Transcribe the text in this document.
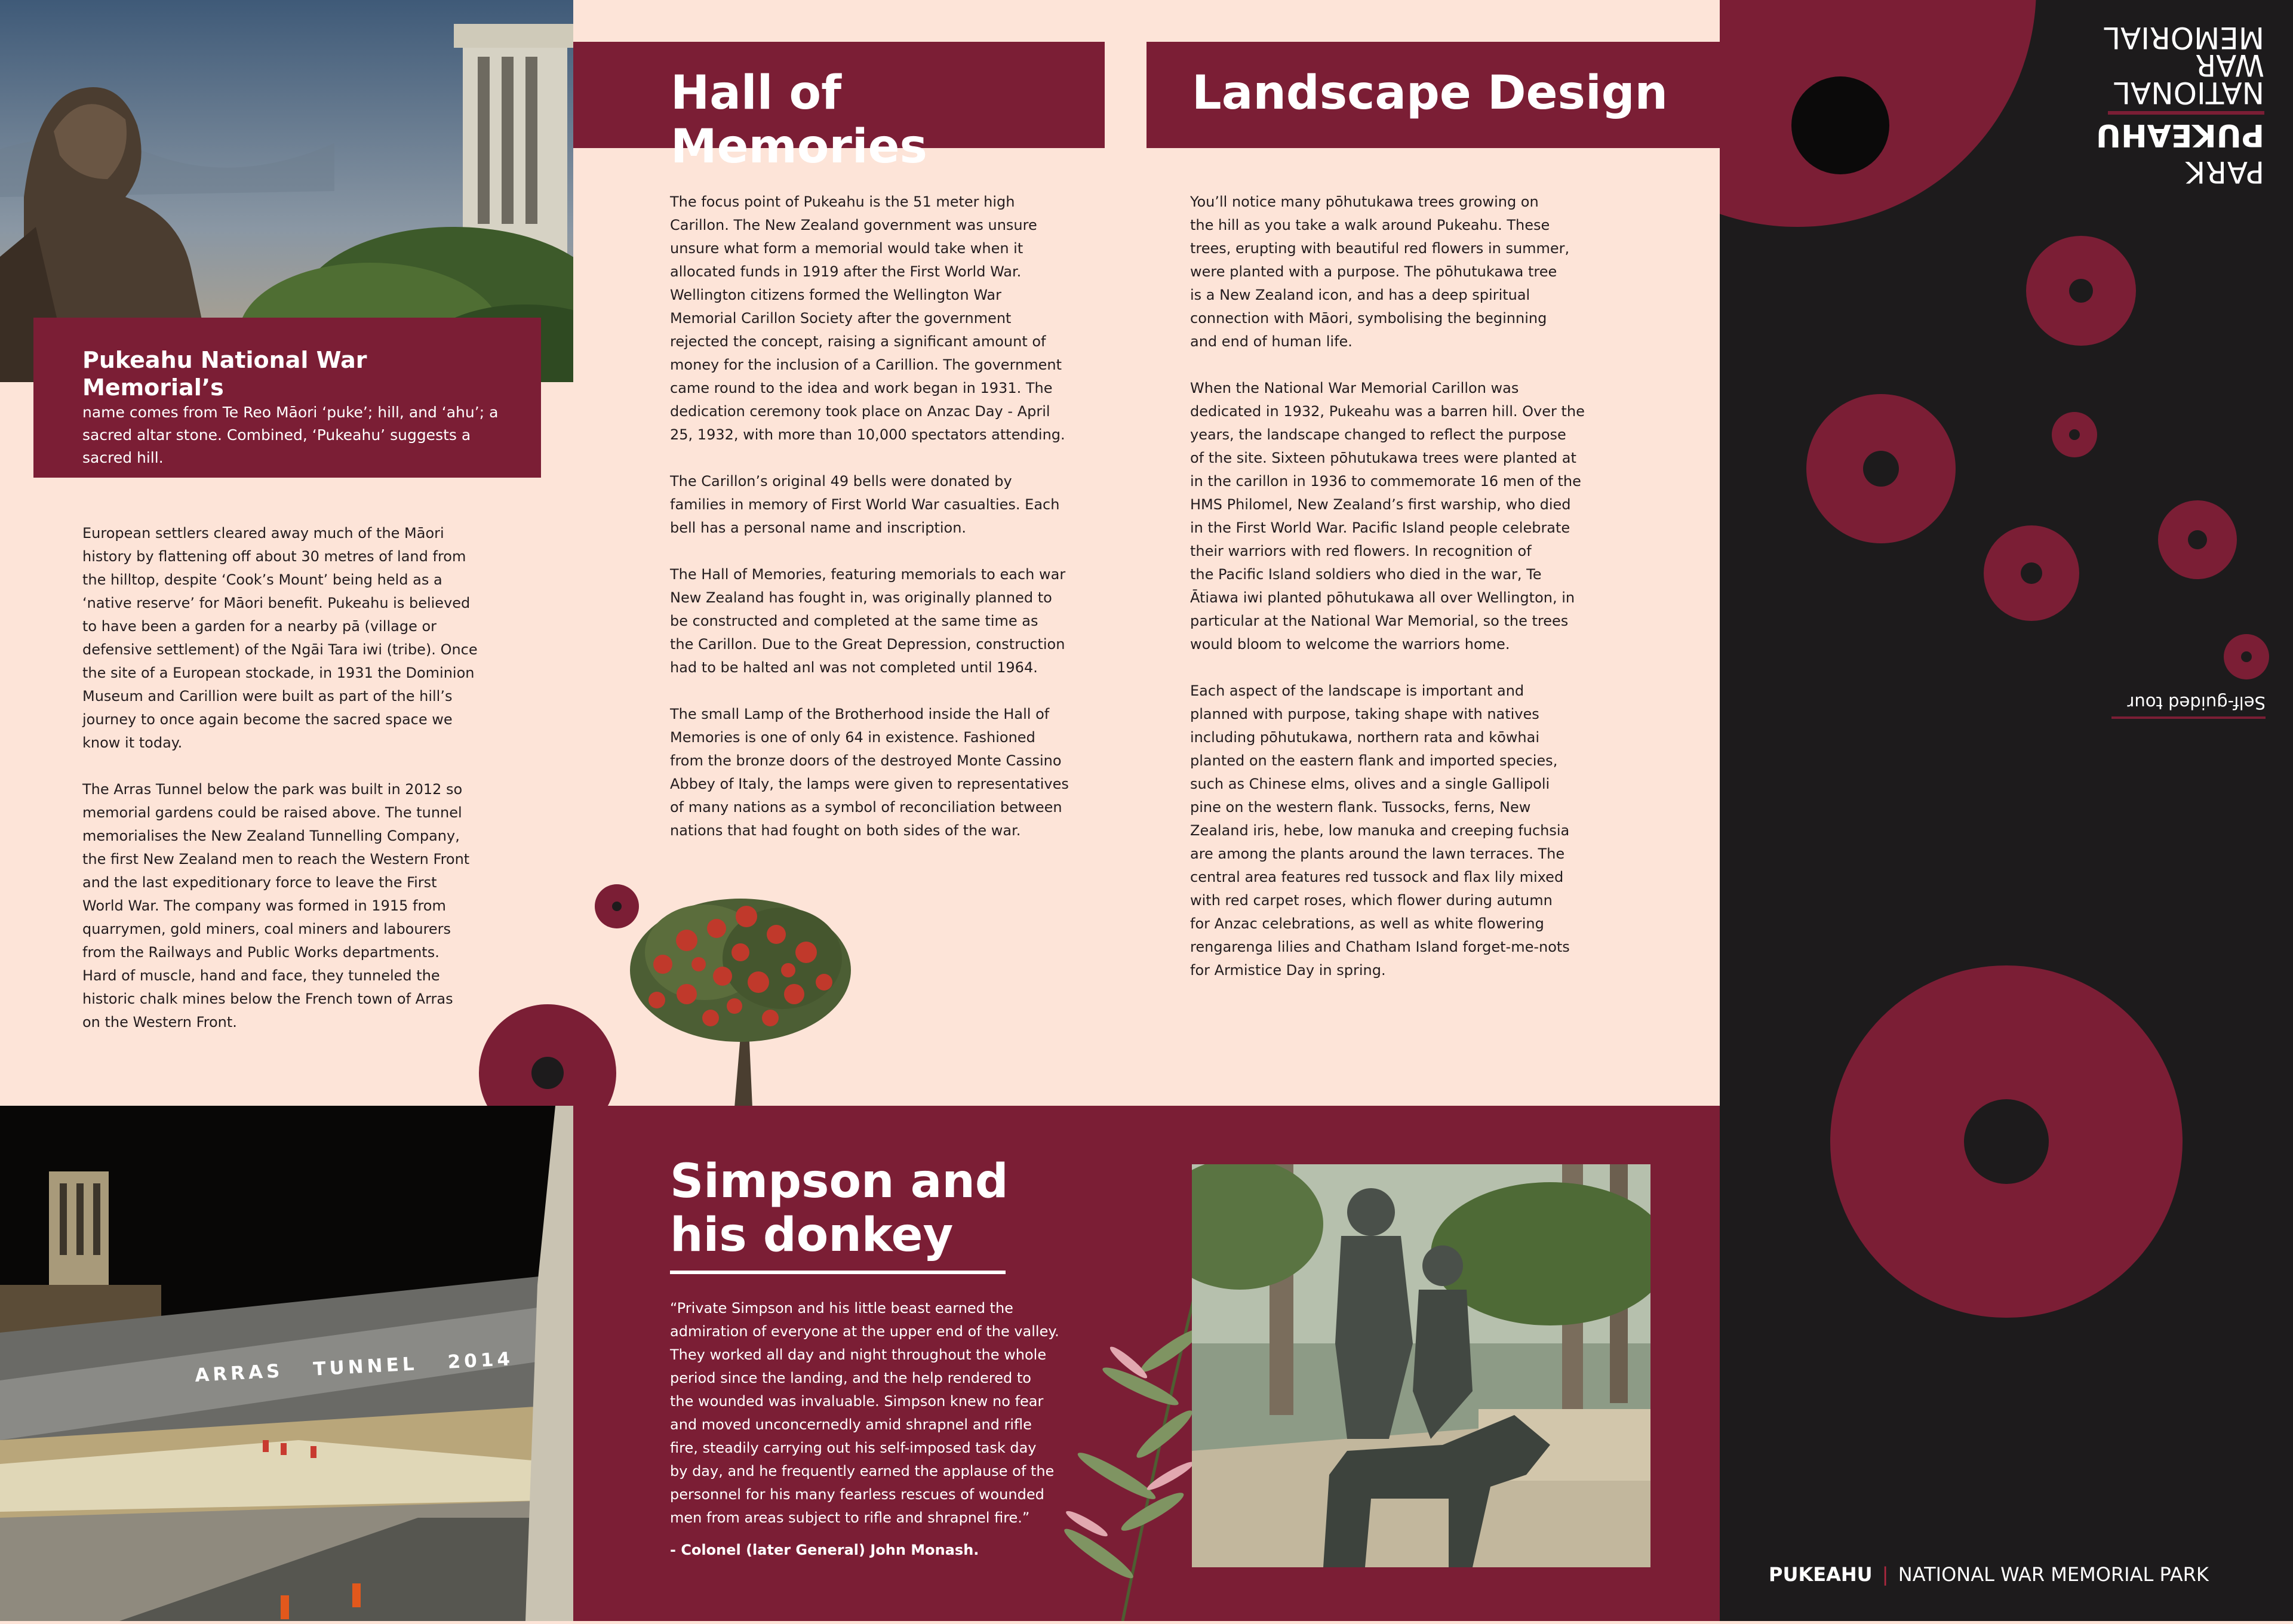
Pukeahu National War Memorial’s
name comes from Te Reo Māori ‘puke’; hill, and ‘ahu’; a sacred altar stone. Combined, ‘Pukeahu’ suggests a sacred hill.

European settlers cleared away much of the Māori
history by flattening off about 30 metres of land from
the hilltop, despite ‘Cook’s Mount’ being held as a
‘native reserve’ for Māori benefit. Pukeahu is believed
to have been a garden for a nearby pā (village or
defensive settlement) of the Ngāi Tara iwi (tribe). Once
the site of a European stockade, in 1931 the Dominion
Museum and Carillion were built as part of the hill’s
journey to once again become the sacred space we
know it today.

The Arras Tunnel below the park was built in 2012 so
memorial gardens could be raised above. The tunnel
memorialises the New Zealand Tunnelling Company,
the first New Zealand men to reach the Western Front
and the last expeditionary force to leave the First
World War. The company was formed in 1915 from
quarrymen, gold miners, coal miners and labourers
from the Railways and Public Works departments.
Hard of muscle, hand and face, they tunneled the
historic chalk mines below the French town of Arras
on the Western Front.

ARRAS   TUNNEL   2014
Hall of Memories

The focus point of Pukeahu is the 51 meter high
Carillon. The New Zealand government was unsure
unsure what form a memorial would take when it
allocated funds in 1919 after the First World War.
Wellington citizens formed the Wellington War
Memorial Carillon Society after the government
rejected the concept, raising a significant amount of
money for the inclusion of a Carillion. The government
came round to the idea and work began in 1931. The
dedication ceremony took place on Anzac Day - April
25, 1932, with more than 10,000 spectators attending.

The Carillon’s original 49 bells were donated by
families in memory of First World War casualties. Each
bell has a personal name and inscription.

The Hall of Memories, featuring memorials to each war
New Zealand has fought in, was originally planned to
be constructed and completed at the same time as
the Carillon. Due to the Great Depression, construction
had to be halted anl was not completed until 1964.

The small Lamp of the Brotherhood inside the Hall of
Memories is one of only 64 in existence. Fashioned
from the bronze doors of the destroyed Monte Cassino
Abbey of Italy, the lamps were given to representatives
of many nations as a symbol of reconciliation between
nations that had fought on both sides of the war.

Landscape Design

You’ll notice many pōhutukawa trees growing on
the hill as you take a walk around Pukeahu. These
trees, erupting with beautiful red flowers in summer,
were planted with a purpose. The pōhutukawa tree
is a New Zealand icon, and has a deep spiritual
connection with Māori, symbolising the beginning
and end of human life.

When the National War Memorial Carillon was
dedicated in 1932, Pukeahu was a barren hill. Over the
years, the landscape changed to reflect the purpose
of the site. Sixteen pōhutukawa trees were planted at
in the carillon in 1936 to commemorate 16 men of the
HMS Philomel, New Zealand’s first warship, who died
in the First World War. Pacific Island people celebrate
their warriors with red flowers. In recognition of
the Pacific Island soldiers who died in the war, Te
Ātiawa iwi planted pōhutukawa all over Wellington, in
particular at the National War Memorial, so the trees
would bloom to welcome the warriors home.

Each aspect of the landscape is important and
planned with purpose, taking shape with natives
including pōhutukawa, northern rata and kōwhai
planted on the eastern flank and imported species,
such as Chinese elms, olives and a single Gallipoli
pine on the western flank. Tussocks, ferns, New
Zealand iris, hebe, low manuka and creeping fuchsia
are among the plants around the lawn terraces. The
central area features red tussock and flax lily mixed
with red carpet roses, which flower during autumn
for Anzac celebrations, as well as white flowering
rengarenga lilies and Chatham Island forget-me-nots
for Armistice Day in spring.

Simpson and
his donkey

“Private Simpson and his little beast earned the
admiration of everyone at the upper end of the valley.
They worked all day and night throughout the whole
period since the landing, and the help rendered to
the wounded was invaluable. Simpson knew no fear
and moved unconcernedly amid shrapnel and rifle
fire, steadily carrying out his self-imposed task day
by day, and he frequently earned the applause of the
personnel for his many fearless rescues of wounded
men from areas subject to rifle and shrapnel fire.”

- Colonel (later General) John Monash.
PARK
PUKEAHU
NATIONAL
WAR
MEMORIAL
Self-guided tour
PUKEAHU | NATIONAL WAR MEMORIAL PARK
